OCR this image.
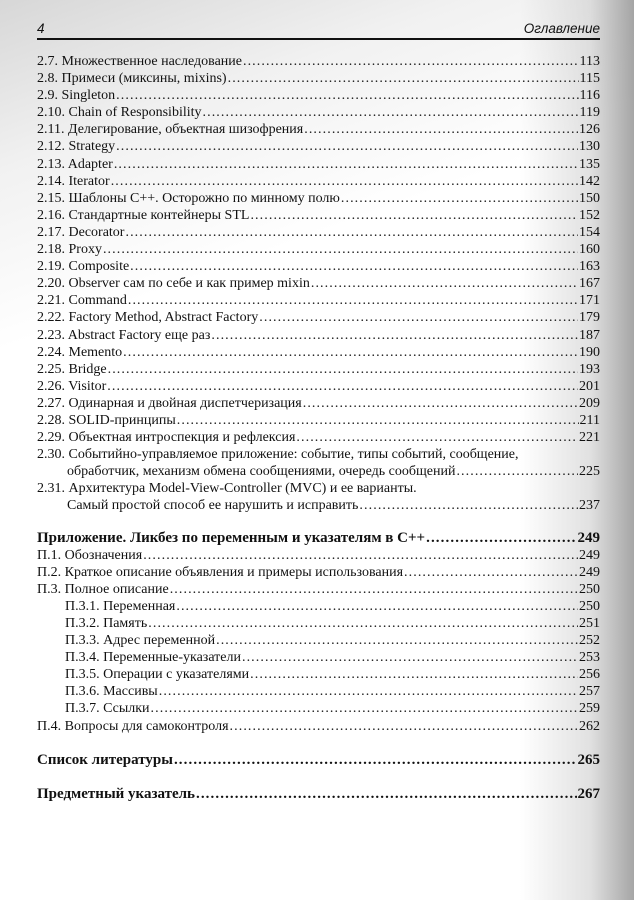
4	Оглавление
2.7. Множественное наследование .....	113
2.8. Примеси (миксины, mixins) .....	115
2.9. Singleton .....	116
2.10. Chain of Responsibility .....	119
2.11. Делегирование, объектная шизофрения .....	126
2.12. Strategy .....	130
2.13. Adapter .....	135
2.14. Iterator .....	142
2.15. Шаблоны С++. Осторожно по минному полю .....	150
2.16. Стандартные контейнеры STL .....	152
2.17. Decorator .....	154
2.18. Proxy .....	160
2.19. Composite .....	163
2.20. Observer сам по себе и как пример mixin .....	167
2.21. Command .....	171
2.22. Factory Method, Abstract Factory .....	179
2.23. Abstract Factory еще раз .....	187
2.24. Memento .....	190
2.25. Bridge .....	193
2.26. Visitor .....	201
2.27. Одинарная и двойная диспетчеризация .....	209
2.28. SOLID-принципы .....	211
2.29. Объектная интроспекция и рефлексия .....	221
2.30. Событийно-управляемое приложение: событие, типы событий, сообщение,
обработчик, механизм обмена сообщениями, очередь сообщений .....	225
2.31. Архитектура Model-View-Controller (MVC) и ее варианты.
Самый простой способ ее нарушить и исправить .....	237
Приложение. Ликбез по переменным и указателям в С++ .....	249
П.1. Обозначения .....	249
П.2. Краткое описание объявления и примеры использования .....	249
П.3. Полное описание .....	250
П.3.1. Переменная .....	250
П.3.2. Память .....	251
П.3.3. Адрес переменной .....	252
П.3.4. Переменные-указатели .....	253
П.3.5. Операции с указателями .....	256
П.3.6. Массивы .....	257
П.3.7. Ссылки .....	259
П.4. Вопросы для самоконтроля .....	262
Список литературы .....	265
Предметный указатель .....	267
